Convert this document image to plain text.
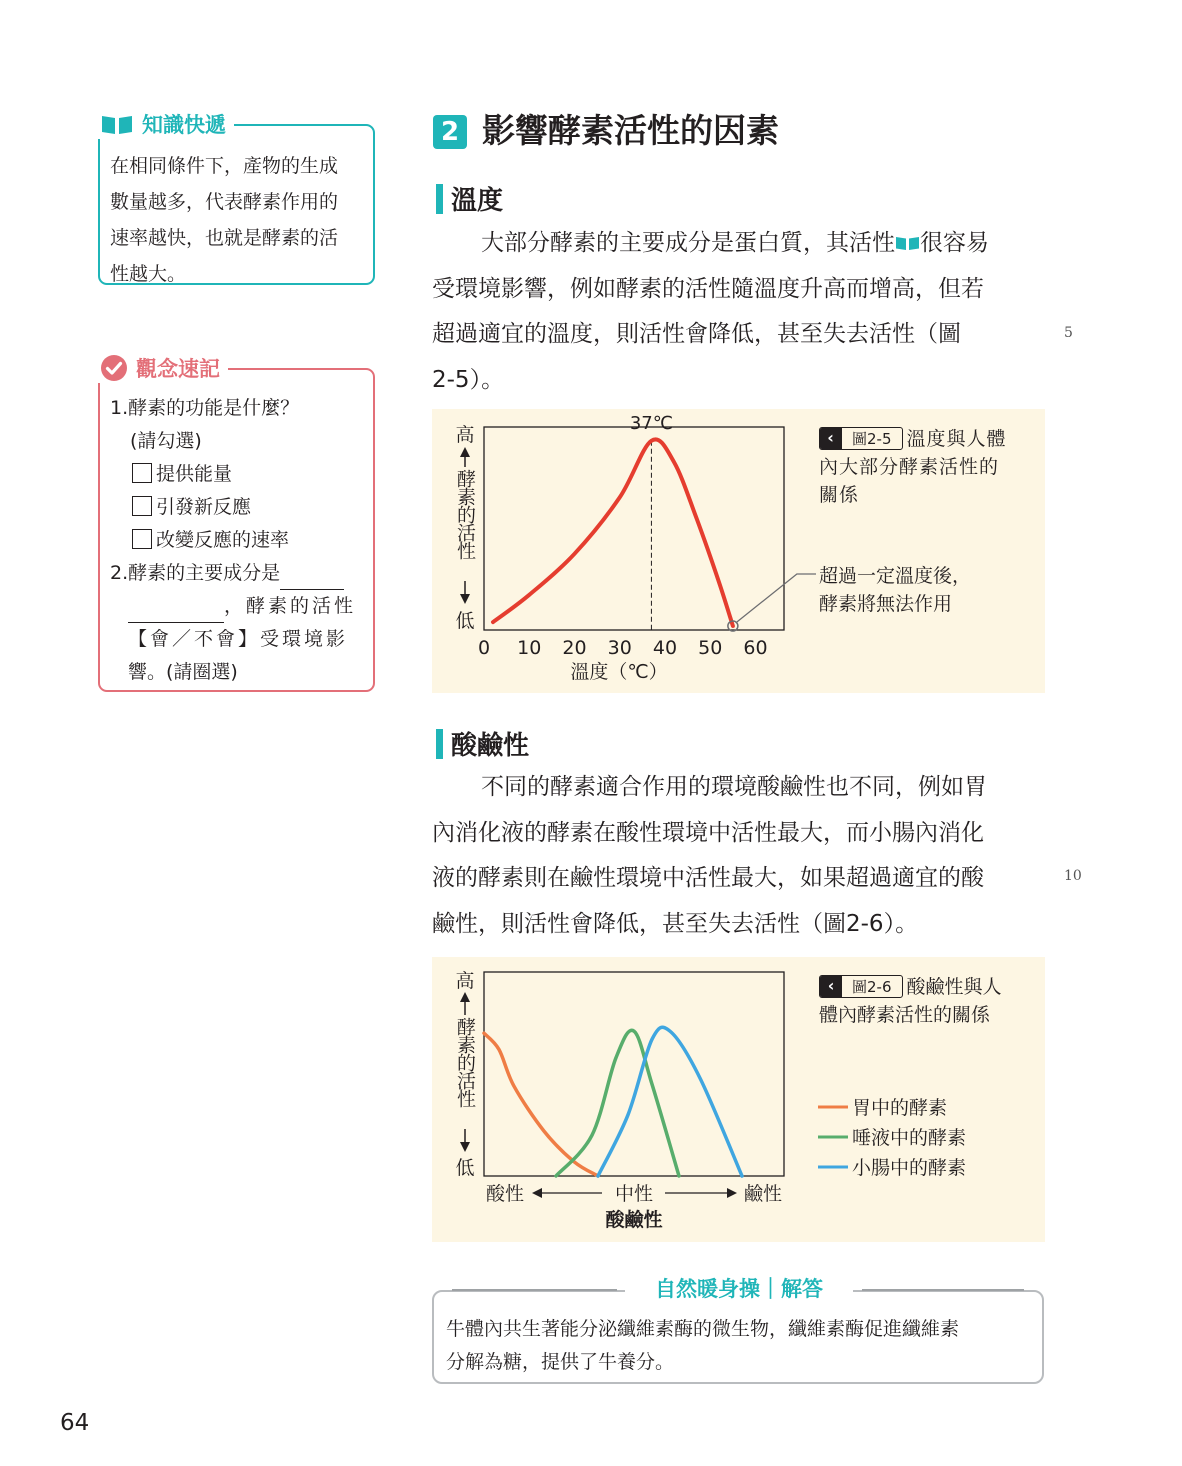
知識快遞
在相同條件下，產物的生成
數量越多，代表酵素作用的
速率越快，也就是酵素的活
性越大。
觀念速記
1.酵素的功能是什麼？
(請勾選)
提供能量
引發新反應
改變反應的速率
2.酵素的主要成分是
，酵素的活性
【會／不會】受環境影
響。(請圈選)
2 影響酵素活性的因素
溫度
大部分酵素的主要成分是蛋白質，其活性 很容易
受環境影響，例如酵素的活性隨溫度升高而增高，但若
超過適宜的溫度，則活性會降低，甚至失去活性（圖
2-5）。
5
高
酵素的活性
低
0 10 20 30 40 50 60
溫度（℃）
37℃
‹	圖2-5 溫度與人體
內大部分酵素活性的
關係
超過一定溫度後，
酵素將無法作用
酸鹼性
不同的酵素適合作用的環境酸鹼性也不同，例如胃
內消化液的酵素在酸性環境中活性最大，而小腸內消化
液的酵素則在鹼性環境中活性最大，如果超過適宜的酸
鹼性，則活性會降低，甚至失去活性（圖2-6）。
10
高
酵素的活性
低
酸性	中性	鹼性
酸鹼性
胃中的酵素
唾液中的酵素
小腸中的酵素
‹	圖2-6 酸鹼性與人
體內酵素活性的關係
自然暖身操｜解答
牛體內共生著能分泌纖維素酶的微生物，纖維素酶促進纖維素
分解為糖，提供了牛養分。
64
